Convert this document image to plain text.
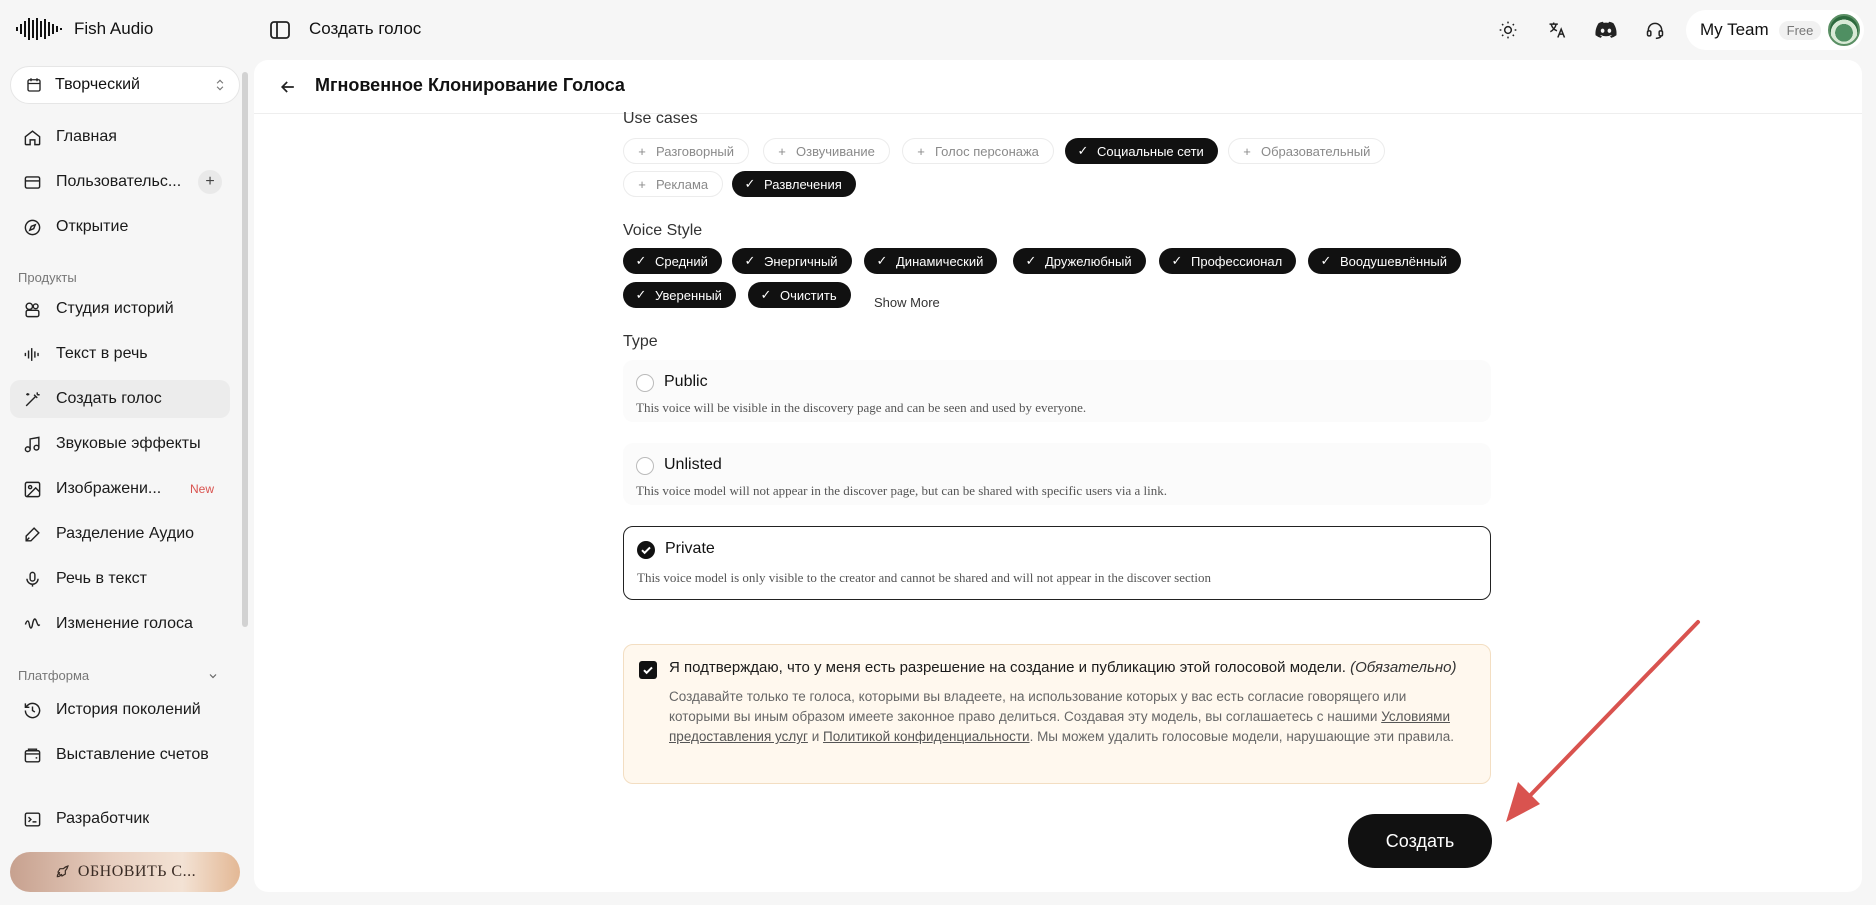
Fish Audio	Создать голос	My Team	Free
Творческий
Главная
Пользовательс...	+
Открытие
Продукты
Студия историй
Текст в речь
Создать голос
Звуковые эффекты
Изображени... New
Разделение Аудио
Речь в текст
Изменение голоса
Платформа
История поколений
Выставление счетов
Разработчик
ОБНОВИТЬ С...
Мгновенное Клонирование Голоса
Use cases
+ Разговорный	+ Озвучивание	+ Голос персонажа	✓ Социальные сети	+ Образовательный
+ Реклама	✓ Развлечения
Voice Style
✓ Средний	✓ Энергичный	✓ Динамический	✓ Дружелюбный	✓ Профессионал	✓ Воодушевлённый
✓ Уверенный	✓ Очистить	Show More
Type
Public
This voice will be visible in the discovery page and can be seen and used by everyone.
Unlisted
This voice model will not appear in the discover page, but can be shared with specific users via a link.
Private
This voice model is only visible to the creator and cannot be shared and will not appear in the discover section
Я подтверждаю, что у меня есть разрешение на создание и публикацию этой голосовой модели. (Обязательно)
Создавайте только те голоса, которыми вы владеете, на использование которых у вас есть согласие говорящего или которыми вы иным образом имеете законное право делиться. Создавая эту модель, вы соглашаетесь с нашими Условиями предоставления услуг и Политикой конфиденциальности. Мы можем удалить голосовые модели, нарушающие эти правила.
Создать
